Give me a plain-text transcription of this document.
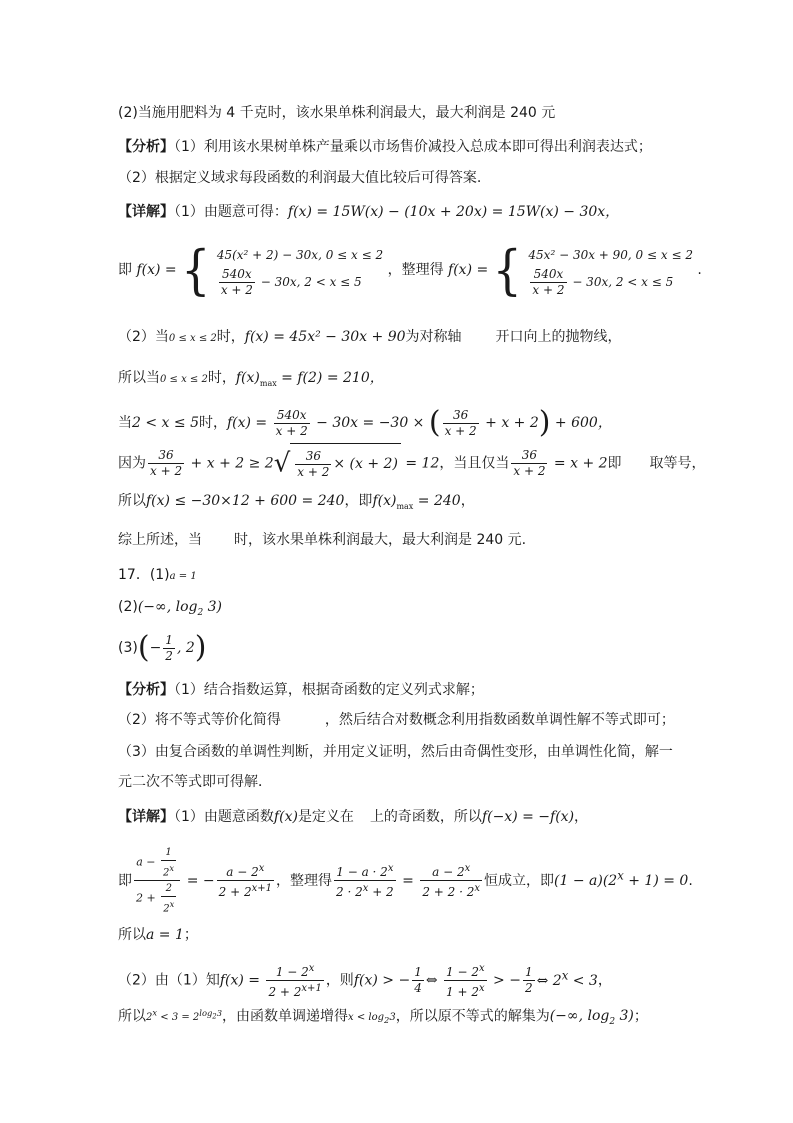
(2)当施用肥料为 4 千克时，该水果单株利润最大，最大利润是 240 元
【分析】（1）利用该水果树单株产量乘以市场售价减投入总成本即可得出利润表达式；
（2）根据定义域求每段函数的利润最大值比较后可得答案.
【详解】（1）由题意可得：f(x) = 15W(x) − (10x + 20x) = 15W(x) − 30x，
即 f(x) = { 45(x² + 2) − 30x, 0 ≤ x ≤ 2
$\frac{540x}{x + 2} - 30x$, 2 < x ≤ 5
，整理得 f(x) = { 45x² − 30x + 90, 0 ≤ x ≤ 2
$\frac{540x}{x + 2} - 30x$, 2 < x ≤ 5
.
（2）当0 ≤ x ≤ 2时，f(x) = 45x² − 30x + 90为对称轴 开口向上的抛物线，
所以当0 ≤ x ≤ 2时，$f(x)_{max} = f(2) = 210$，
当2 < x ≤ 5时，$f(x) = \frac{540x}{x + 2} - 30x = -30$ × ( $\frac{36}{x + 2} + x + 2) + 600$，
因为 $\frac{36}{x + 2} + x + 2 \ge 2√ \frac{36}{x + 2} \times (x + 2) = 12$，当且仅当 $\frac{36}{x + 2} = x + 2$即 取等号，
所以f(x) ≤ −30×12 + 600 = 240，即$f(x)_{max} = 240$，
综上所述，当 时，该水果单株利润最大，最大利润是 240 元.
17．(1)a = 1
(2)(−∞, $\log_2 3$)
$(3)(- \frac{1}{2}$ , 2)
【分析】（1）结合指数运算，根据奇函数的定义列式求解；
（2）将不等式等价化简得	，然后结合对数概念利用指数函数单调性解不等式即可；
（3）由复合函数的单调性判断，并用定义证明，然后由奇偶性变形，由单调性化简，解一
元二次不等式即可得解．
【详解】（1）由题意函数f(x)是定义在 上的奇函数，所以f(−x) = −f(x)，
即 $\frac{a - \frac{1}{2^x}}{2 + \frac{2}{2^x}}$ = − $\frac{a - 2^x}{2 + 2^{x+1}}$ ，整理得 $\frac{1 - a \cdot 2^x}{2 \cdot 2^x + 2} = \frac{a - 2^x}{2 + 2 \cdot 2^x}$ 恒成立，即$(1 - a)(2^x + 1) = 0$.
所以a = 1；
（2）由（1）知$f(x) = \frac{1 - 2^x}{2 + 2^{x+1}}$ ，则f(x) > − $\frac{1}{4}$ ⇔ $\frac{1 - 2^x}{1 + 2^x}$ > − $\frac{1}{2}$ ⇔ $2^x < 3$，
所以$2^x < 3 = 2^{log_23}$，由函数单调递增得$x < \log_23$，所以原不等式的解集为(−∞, $\log_2 3$)；
